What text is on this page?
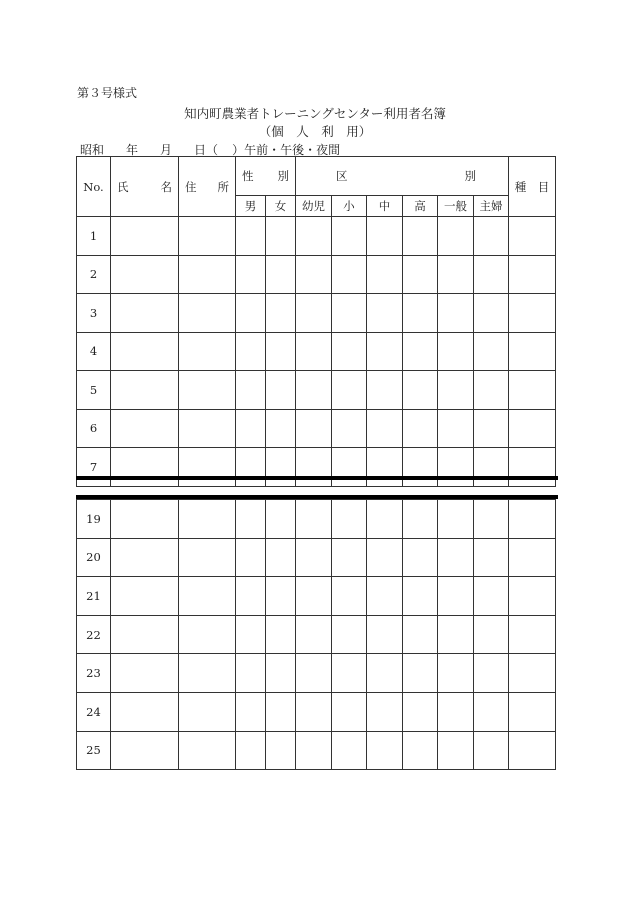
第３号様式
知内町農業者トレーニングセンター利用者名簿
（個　人　利　用）
昭和 年 月 日（ ）午前・午後・夜間
No.	氏 名	住 所	性 別		区 別						種　目
			男	女	幼児	小	中	高	一般	主婦	
1											
2											
3											
4											
5											
6											
7											
19											
20											
21											
22											
23											
24											
25											
